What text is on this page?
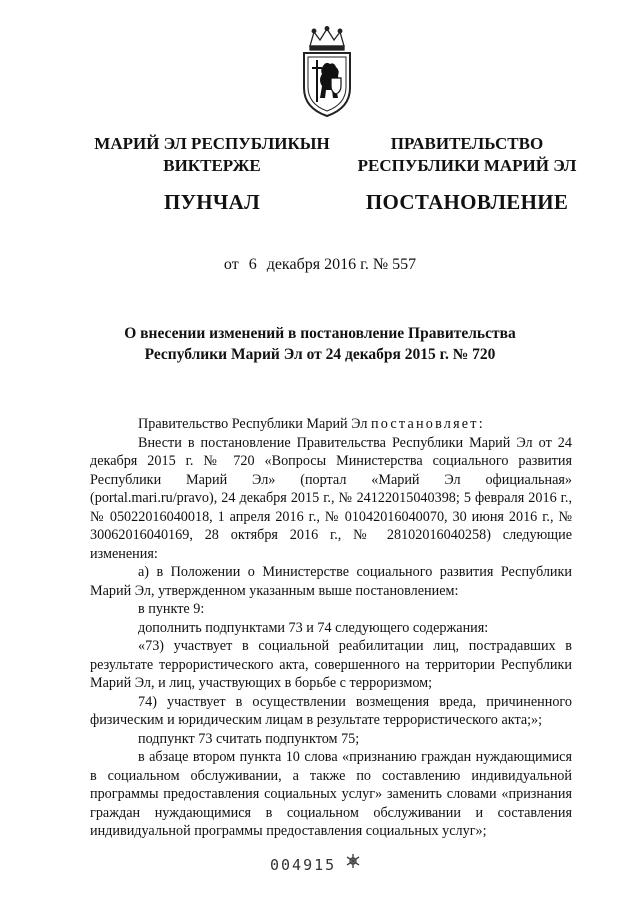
МАРИЙ ЭЛ РЕСПУБЛИКЫН
ВИКТЕРЖЕ
ПУНЧАЛ
ПРАВИТЕЛЬСТВО
РЕСПУБЛИКИ МАРИЙ ЭЛ
ПОСТАНОВЛЕНИЕ
от 6 декабря 2016 г. № 557
О внесении изменений в постановление Правительства
Республики Марий Эл от 24 декабря 2015 г. № 720

Правительство Республики Марий Эл постановляет:

Внести в постановление Правительства Республики Марий Эл от 24 декабря 2015 г. № 720 «Вопросы Министерства социального развития Республики Марий Эл» (портал «Марий Эл официальная» (portal.mari.ru/pravo), 24 декабря 2015 г., № 24122015040398; 5 февраля 2016 г., № 05022016040018, 1 апреля 2016 г., № 01042016040070, 30 июня 2016 г., № 30062016040169, 28 октября 2016 г., № 28102016040258) следующие изменения:

а) в Положении о Министерстве социального развития Республики Марий Эл, утвержденном указанным выше постановлением:

в пункте 9:

дополнить подпунктами 73 и 74 следующего содержания:

«73) участвует в социальной реабилитации лиц, пострадавших в результате террористического акта, совершенного на территории Республики Марий Эл, и лиц, участвующих в борьбе с терроризмом;

74) участвует в осуществлении возмещения вреда, причиненного физическим и юридическим лицам в результате террористического акта;»;

подпункт 73 считать подпунктом 75;

в абзаце втором пункта 10 слова «признанию граждан нуждающимися в социальном обслуживании, а также по составлению индивидуальной программы предоставления социальных услуг» заменить словами «признания граждан нуждающимися в социальном обслуживании и составления индивидуальной программы предоставления социальных услуг»;

004915
